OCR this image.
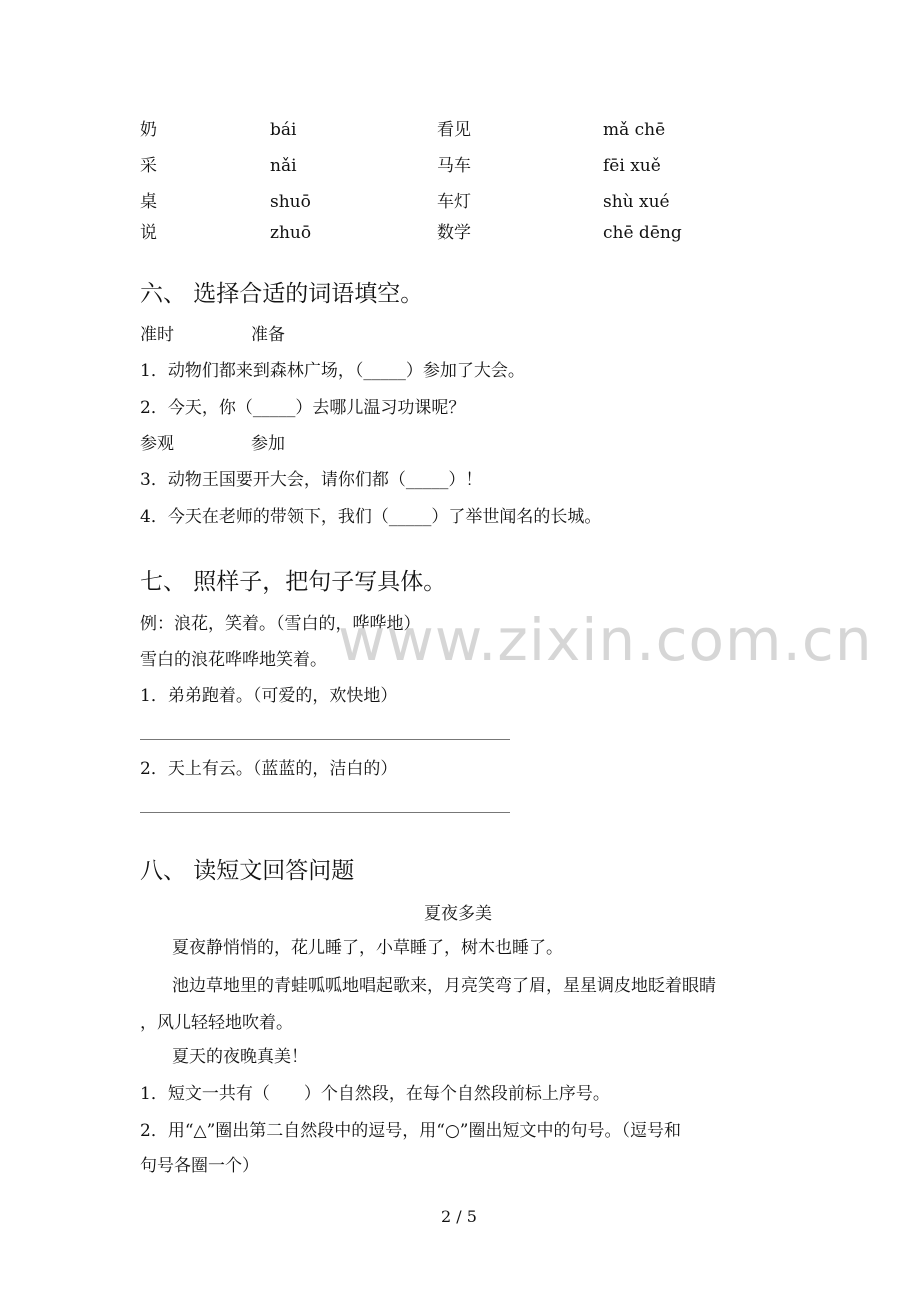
奶	bái	看见	mǎ chē
采	nǎi	马车	fēi xuě
桌	shuō	车灯	shù xué
说	zhuō	数学	chē dēng
六、 选择合适的词语填空。
准时	准备
1．动物们都来到森林广场，（_____）参加了大会。
2．今天，你（_____）去哪儿温习功课呢？
参观	参加
3．动物王国要开大会，请你们都（_____）！
4．今天在老师的带领下，我们（_____）了举世闻名的长城。
七、 照样子，把句子写具体。
例：浪花，笑着。（雪白的，哗哗地）
雪白的浪花哗哗地笑着。
1．弟弟跑着。（可爱的，欢快地）
2．天上有云。（蓝蓝的，洁白的）
www.zixin.com.cn
八、 读短文回答问题
夏夜多美
夏夜静悄悄的，花儿睡了，小草睡了，树木也睡了。
池边草地里的青蛙呱呱地唱起歌来，月亮笑弯了眉，星星调皮地眨着眼睛
，风儿轻轻地吹着。
夏天的夜晚真美！
1．短文一共有（　　）个自然段，在每个自然段前标上序号。
2．用“△”圈出第二自然段中的逗号，用“○”圈出短文中的句号。（逗号和
句号各圈一个）
2 / 5
